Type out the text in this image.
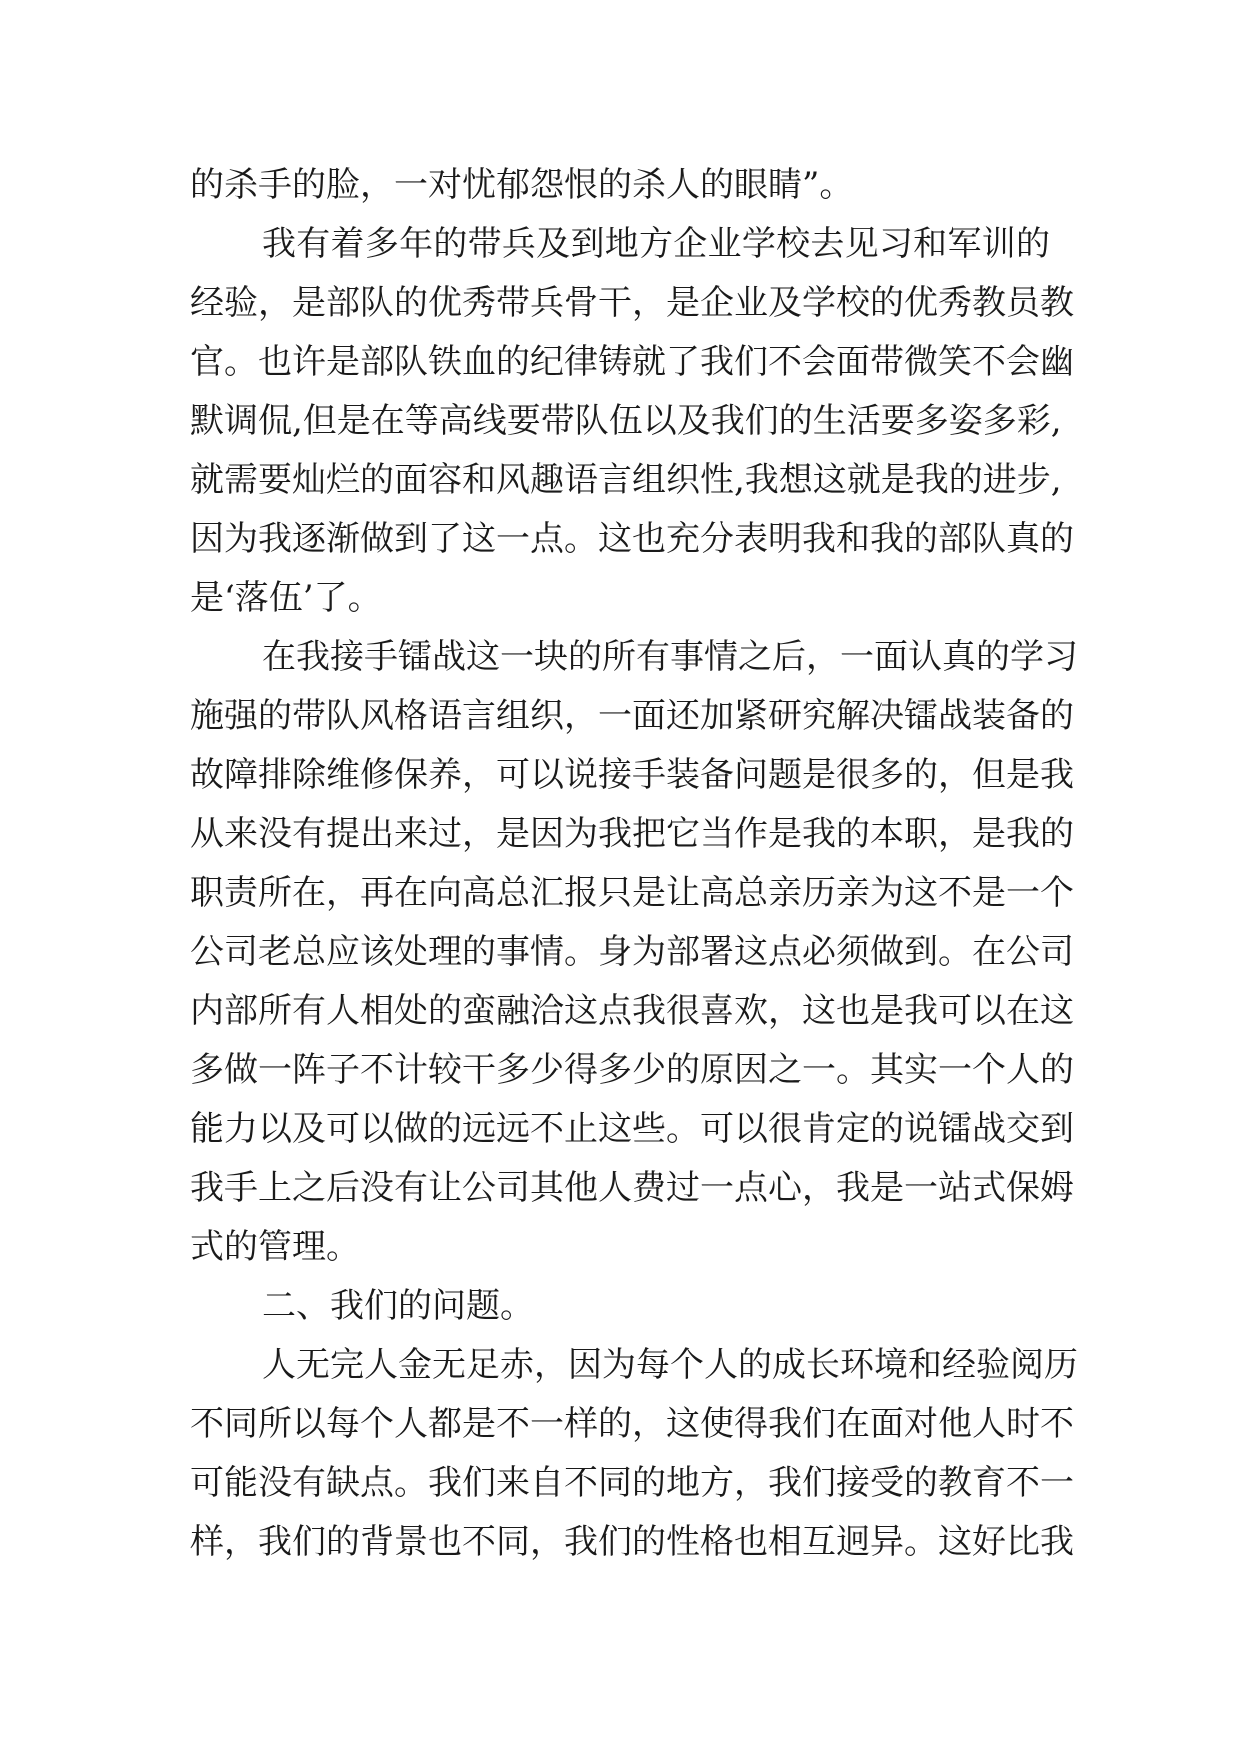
的杀手的脸，一对忧郁怨恨的杀人的眼睛”。
我有着多年的带兵及到地方企业学校去见习和军训的
经验，是部队的优秀带兵骨干，是企业及学校的优秀教员教
官。也许是部队铁血的纪律铸就了我们不会面带微笑不会幽
默调侃,但是在等高线要带队伍以及我们的生活要多姿多彩,
就需要灿烂的面容和风趣语言组织性,我想这就是我的进步,
因为我逐渐做到了这一点。这也充分表明我和我的部队真的
是‘落伍’了。
在我接手镭战这一块的所有事情之后，一面认真的学习
施强的带队风格语言组织，一面还加紧研究解决镭战装备的
故障排除维修保养，可以说接手装备问题是很多的，但是我
从来没有提出来过，是因为我把它当作是我的本职，是我的
职责所在，再在向高总汇报只是让高总亲历亲为这不是一个
公司老总应该处理的事情。身为部署这点必须做到。在公司
内部所有人相处的蛮融洽这点我很喜欢，这也是我可以在这
多做一阵子不计较干多少得多少的原因之一。其实一个人的
能力以及可以做的远远不止这些。可以很肯定的说镭战交到
我手上之后没有让公司其他人费过一点心，我是一站式保姆
式的管理。
二、我们的问题。
人无完人金无足赤，因为每个人的成长环境和经验阅历
不同所以每个人都是不一样的，这使得我们在面对他人时不
可能没有缺点。我们来自不同的地方，我们接受的教育不一
样，我们的背景也不同，我们的性格也相互迥异。这好比我
